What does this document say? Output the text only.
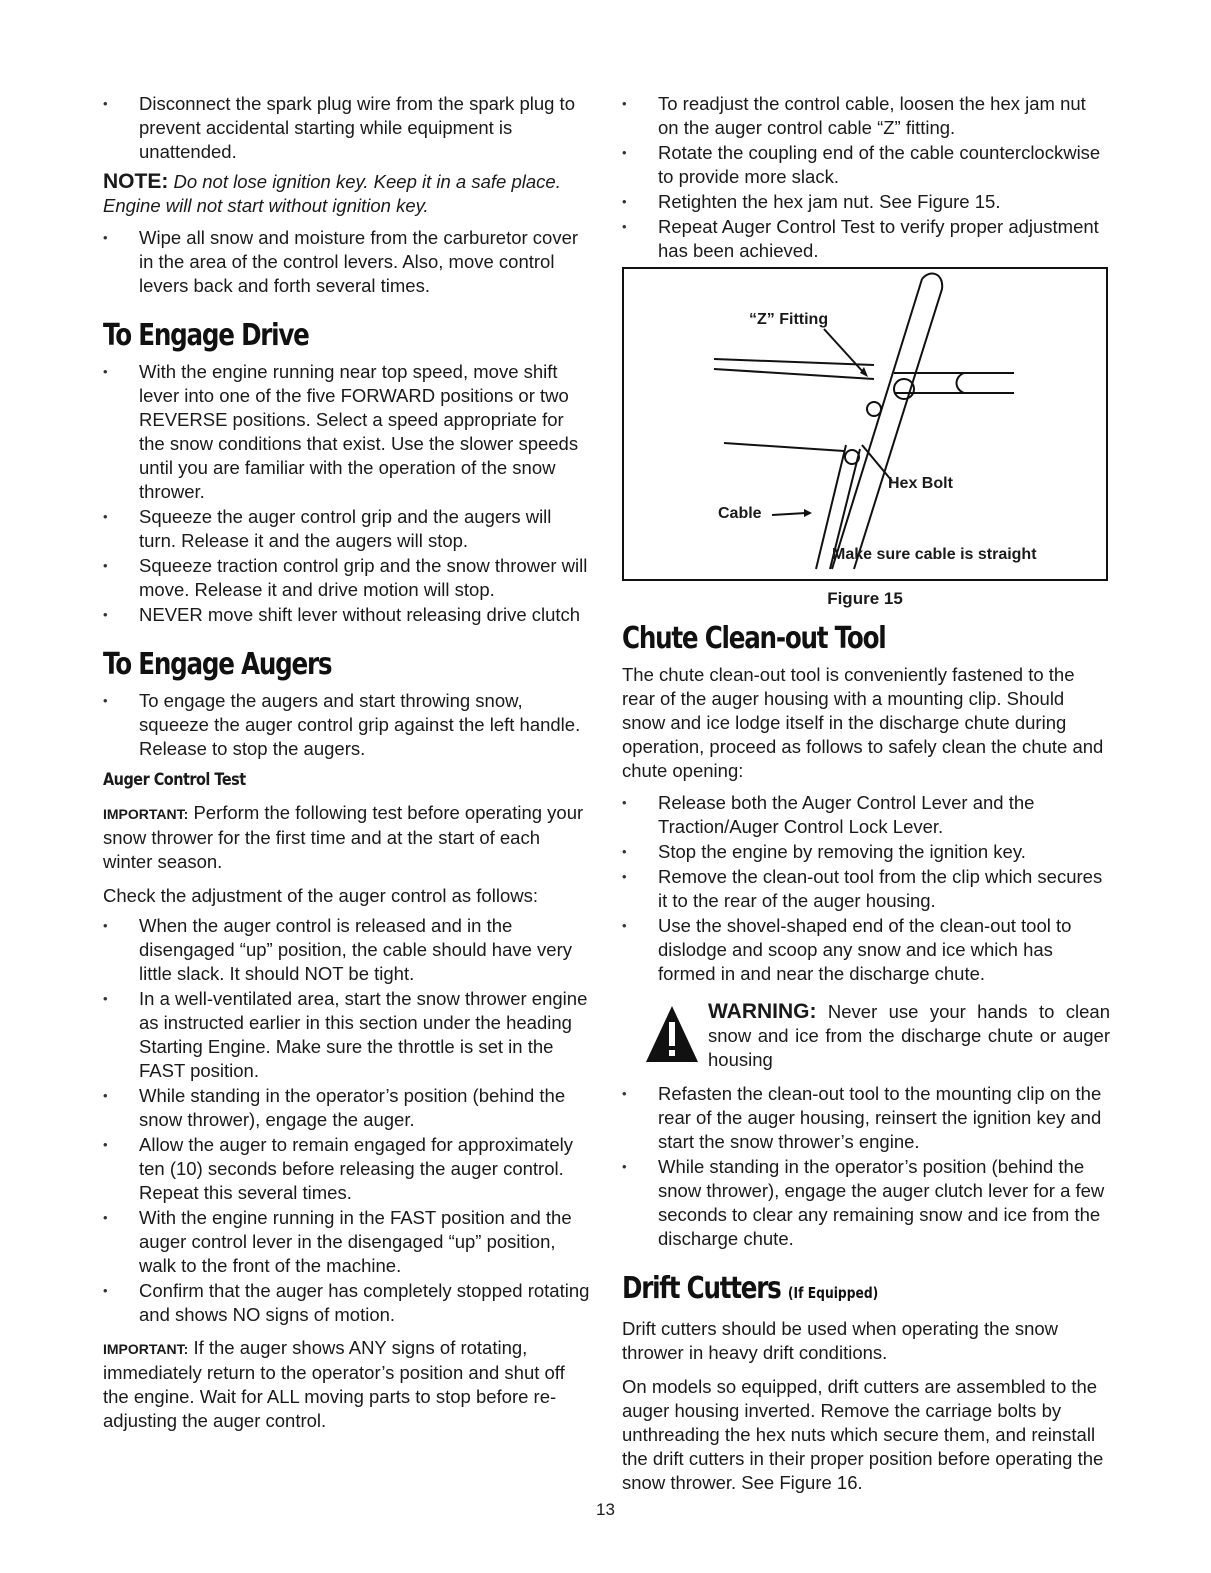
• Disconnect the spark plug wire from the spark plug to prevent accidental starting while equipment is unattended.

NOTE: Do not lose ignition key. Keep it in a safe place. Engine will not start without ignition key.

• Wipe all snow and moisture from the carburetor cover in the area of the control levers. Also, move control levers back and forth several times.
To Engage Drive
• With the engine running near top speed, move shift lever into one of the five FORWARD positions or two REVERSE positions. Select a speed appropriate for the snow conditions that exist. Use the slower speeds until you are familiar with the operation of the snow thrower.
• Squeeze the auger control grip and the augers will turn. Release it and the augers will stop.
• Squeeze traction control grip and the snow thrower will move. Release it and drive motion will stop.
• NEVER move shift lever without releasing drive clutch
To Engage Augers
• To engage the augers and start throwing snow, squeeze the auger control grip against the left handle. Release to stop the augers.
Auger Control Test

IMPORTANT: Perform the following test before operating your snow thrower for the first time and at the start of each winter season.

Check the adjustment of the auger control as follows:

• When the auger control is released and in the disengaged “up” position, the cable should have very little slack. It should NOT be tight.
• In a well-ventilated area, start the snow thrower engine as instructed earlier in this section under the heading Starting Engine. Make sure the throttle is set in the FAST position.
• While standing in the operator’s position (behind the snow thrower), engage the auger.
• Allow the auger to remain engaged for approximately ten (10) seconds before releasing the auger control. Repeat this several times.
• With the engine running in the FAST position and the auger control lever in the disengaged “up” position, walk to the front of the machine.
• Confirm that the auger has completely stopped rotating and shows NO signs of motion.

IMPORTANT: If the auger shows ANY signs of rotating, immediately return to the operator’s position and shut off the engine. Wait for ALL moving parts to stop before re-adjusting the auger control.

• To readjust the control cable, loosen the hex jam nut on the auger control cable “Z” fitting.
• Rotate the coupling end of the cable counterclockwise to provide more slack.
• Retighten the hex jam nut. See Figure 15.
• Repeat Auger Control Test to verify proper adjustment has been achieved.
“Z” Fitting
Hex Bolt
Cable
Make sure cable is straight
Figure 15
Chute Clean-out Tool

The chute clean-out tool is conveniently fastened to the rear of the auger housing with a mounting clip. Should snow and ice lodge itself in the discharge chute during operation, proceed as follows to safely clean the chute and chute opening:

• Release both the Auger Control Lever and the Traction/Auger Control Lock Lever.
• Stop the engine by removing the ignition key.
• Remove the clean-out tool from the clip which secures it to the rear of the auger housing.
• Use the shovel-shaped end of the clean-out tool to dislodge and scoop any snow and ice which has formed in and near the discharge chute.

WARNING: Never use your hands to clean snow and ice from the discharge chute or auger housing

• Refasten the clean-out tool to the mounting clip on the rear of the auger housing, reinsert the ignition key and start the snow thrower’s engine.
• While standing in the operator’s position (behind the snow thrower), engage the auger clutch lever for a few seconds to clear any remaining snow and ice from the discharge chute.
Drift Cutters (If Equipped)

Drift cutters should be used when operating the snow thrower in heavy drift conditions.

On models so equipped, drift cutters are assembled to the auger housing inverted. Remove the carriage bolts by unthreading the hex nuts which secure them, and reinstall the drift cutters in their proper position before operating the snow thrower. See Figure 16.

13
